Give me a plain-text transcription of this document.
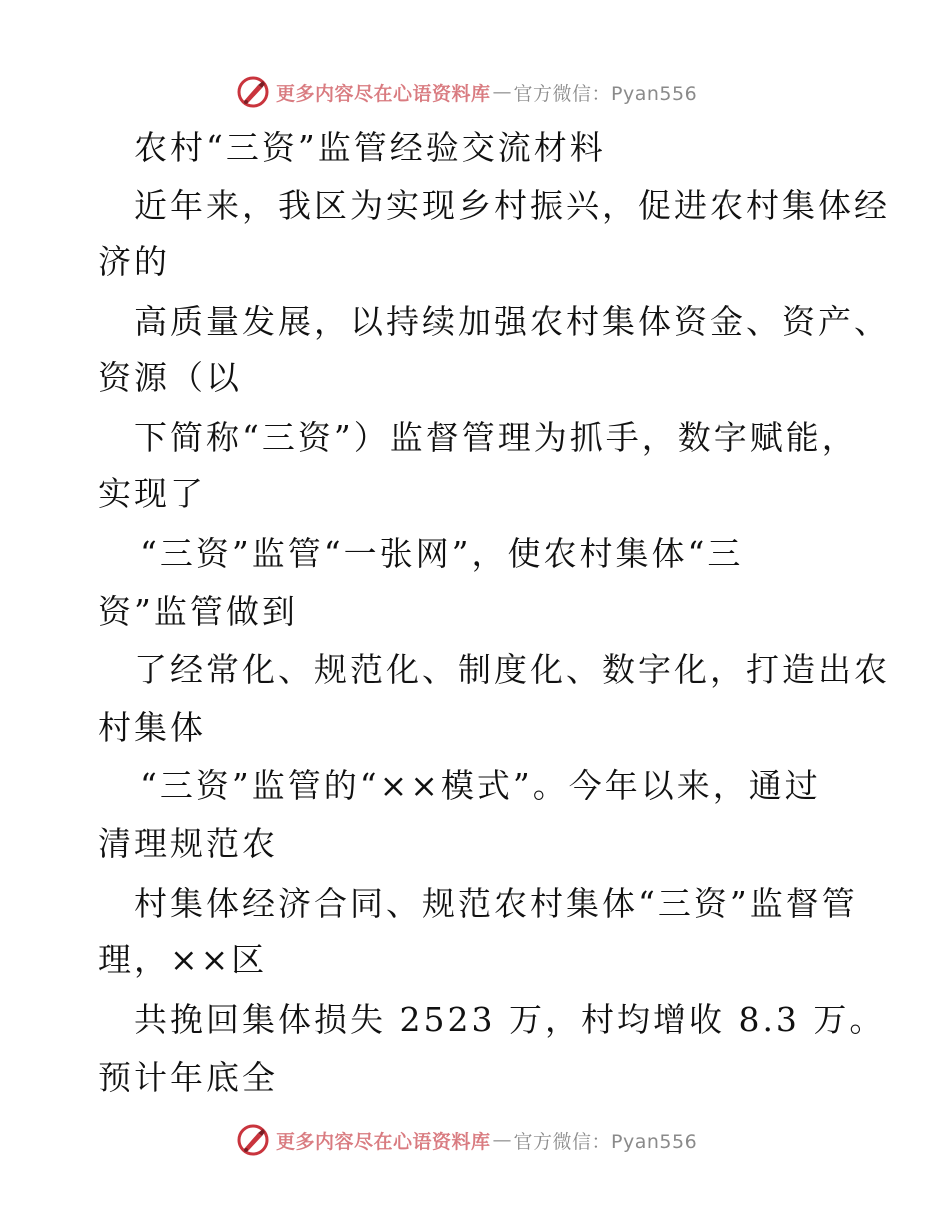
更多内容尽在心语资料库 — 官方微信：Pyan556
农村“三资”监管经验交流材料
近年来，我区为实现乡村振兴，促进农村集体经
济的
高质量发展，以持续加强农村集体资金、资产、
资源（以
下简称“三资”）监督管理为抓手，数字赋能，
实现了
“三资”监管“一张网”，使农村集体“三
资”监管做到
了经常化、规范化、制度化、数字化，打造出农
村集体
“三资”监管的“××模式”。今年以来，通过
清理规范农
村集体经济合同、规范农村集体“三资”监督管
理，××区
共挽回集体损失 2523 万，村均增收 8.3 万。
预计年底全
更多内容尽在心语资料库 — 官方微信：Pyan556
